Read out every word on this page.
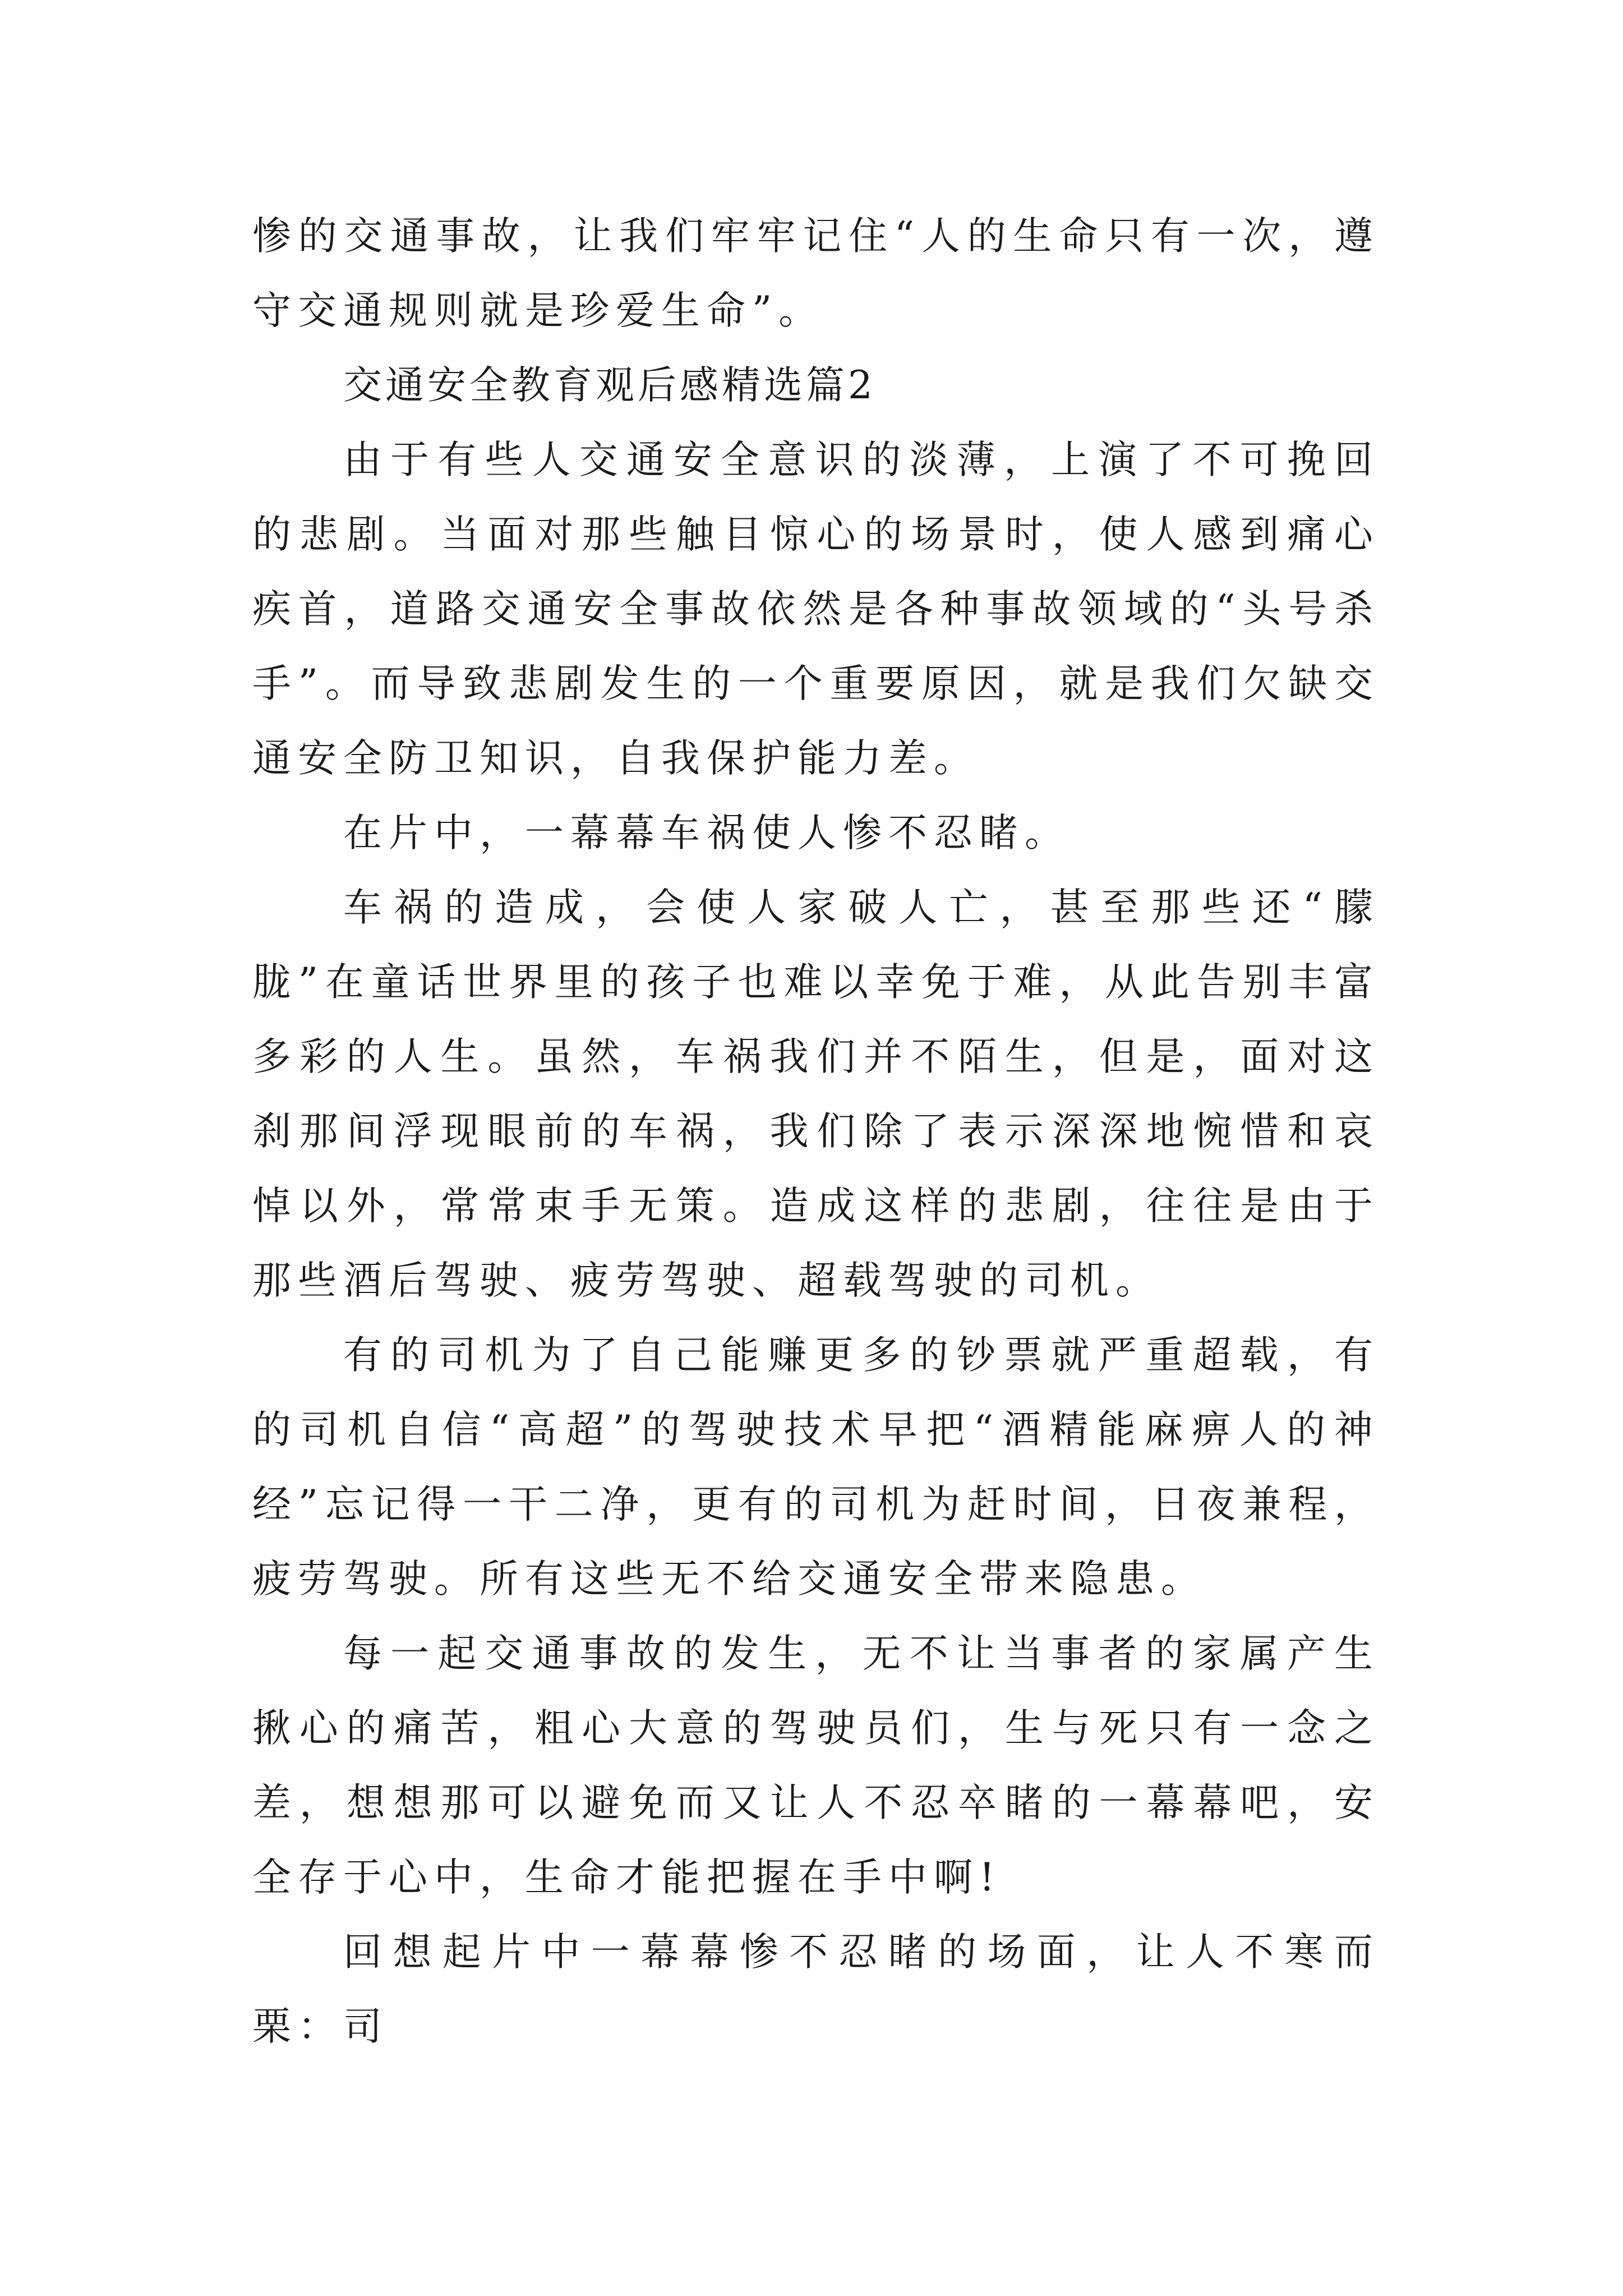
惨的交通事故，让我们牢牢记住“人的生命只有一次，遵守交通规则就是珍爱生命”。

交通安全教育观后感精选篇2

由于有些人交通安全意识的淡薄，上演了不可挽回的悲剧。当面对那些触目惊心的场景时，使人感到痛心疾首，道路交通安全事故依然是各种事故领域的“头号杀手”。而导致悲剧发生的一个重要原因，就是我们欠缺交通安全防卫知识，自我保护能力差。

在片中，一幕幕车祸使人惨不忍睹。

车祸的造成，会使人家破人亡，甚至那些还“朦胧”在童话世界里的孩子也难以幸免于难，从此告别丰富多彩的人生。虽然，车祸我们并不陌生，但是，面对这刹那间浮现眼前的车祸，我们除了表示深深地惋惜和哀悼以外，常常束手无策。造成这样的悲剧，往往是由于那些酒后驾驶、疲劳驾驶、超载驾驶的司机。

有的司机为了自己能赚更多的钞票就严重超载，有的司机自信“高超”的驾驶技术早把“酒精能麻痹人的神经”忘记得一干二净，更有的司机为赶时间，日夜兼程，疲劳驾驶。所有这些无不给交通安全带来隐患。

每一起交通事故的发生，无不让当事者的家属产生揪心的痛苦，粗心大意的驾驶员们，生与死只有一念之差，想想那可以避免而又让人不忍卒睹的一幕幕吧，安全存于心中，生命才能把握在手中啊!

回想起片中一幕幕惨不忍睹的场面，让人不寒而栗：司
